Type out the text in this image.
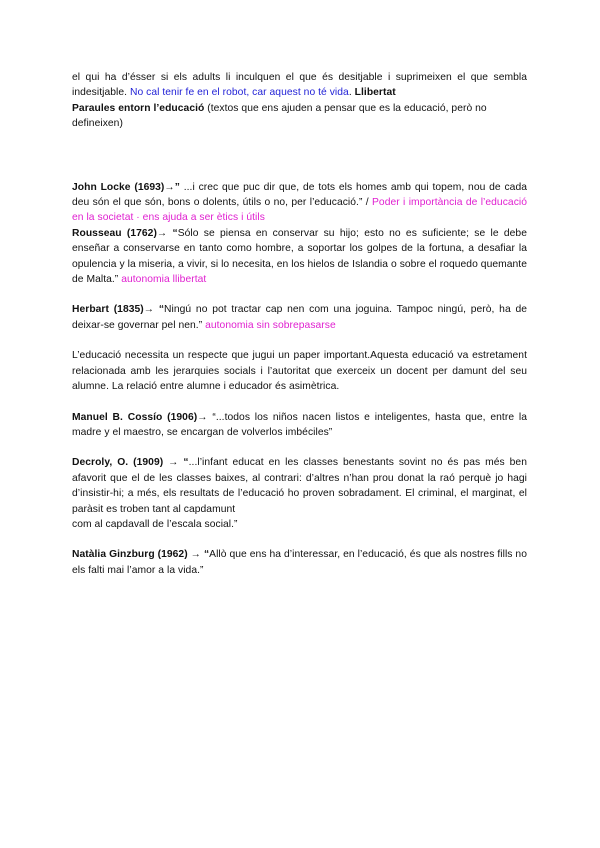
el qui ha d’ésser si els adults li inculquen el que és desitjable i suprimeixen el que sembla indesitjable. No cal tenir fe en el robot, car aquest no té vida. Llibertat

Paraules entorn l’educació (textos que ens ajuden a pensar que es la educació, però no defineixen)

John Locke (1693)→” ...i crec que puc dir que, de tots els homes amb qui topem, nou de cada deu són el que són, bons o dolents, útils o no, per l’educació.” / Poder i importància de l’educació en la societat · ens ajuda a ser ètics i útils

Rousseau (1762)→ “Sólo se piensa en conservar su hijo; esto no es suficiente; se le debe enseñar a conservarse en tanto como hombre, a soportar los golpes de la fortuna, a desafiar la opulencia y la miseria, a vivir, si lo necesita, en los hielos de Islandia o sobre el roquedo quemante de Malta.” autonomia llibertat

Herbart (1835)→ “Ningú no pot tractar cap nen com una joguina. Tampoc ningú, però, ha de deixar-se governar pel nen.” autonomia sin sobrepasarse

L’educació necessita un respecte que jugui un paper important.Aquesta educació va estretament relacionada amb les jerarquies socials i l’autoritat que exerceix un docent per damunt del seu alumne. La relació entre alumne i educador és asimètrica.

Manuel B. Cossío (1906)→ “...todos los niños nacen listos e inteligentes, hasta que, entre la madre y el maestro, se encargan de volverlos imbéciles”

Decroly, O. (1909) → “...l’infant educat en les classes benestants sovint no és pas més ben afavorit que el de les classes baixes, al contrari: d’altres n’han prou donat la raó perquè jo hagi d’insistir-hi; a més, els resultats de l’educació ho proven sobradament. El criminal, el marginat, el paràsit es troben tant al capdamunt

com al capdavall de l’escala social.”

Natàlia Ginzburg (1962) → “Allò que ens ha d’interessar, en l’educació, és que als nostres fills no els falti mai l’amor a la vida.”
